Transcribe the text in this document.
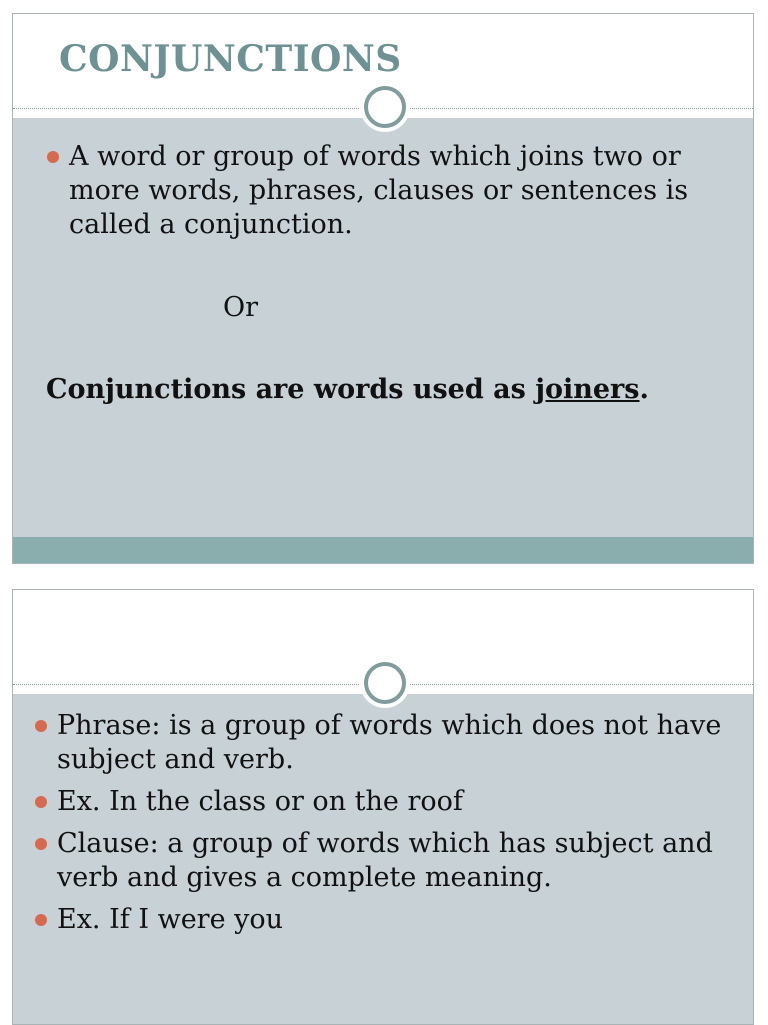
CONJUNCTIONS
A word or group of words which joins two or more words, phrases, clauses or sentences is called a conjunction.
Or
Conjunctions are words used as joiners.
Phrase: is a group of words which does not have subject and verb.
Ex. In the class or on the roof
Clause: a group of words which has subject and verb and gives a complete meaning.
Ex. If I were you
